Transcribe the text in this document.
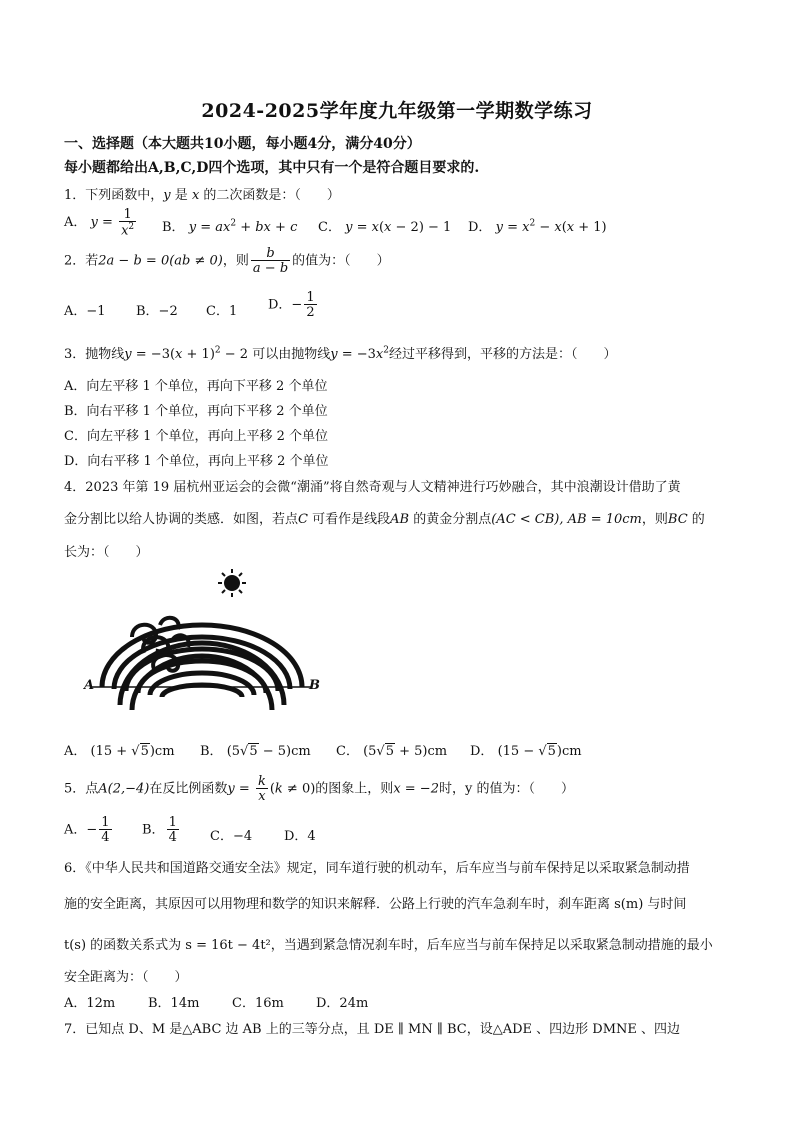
2024-2025学年度九年级第一学期数学练习
一、选择题（本大题共10小题，每小题4分，满分40分）
每小题都给出A,B,C,D四个选项，其中只有一个是符合题目要求的.
1．下列函数中，y 是 x 的二次函数是：（　　）
A． $y = \frac{1}{x^2}$ B． $y = ax^2$ + bx + c C． y = x(x − 2) − 1 D． $y = x^2 - x(x + 1)$
2．若2a − b = 0(ab ≠ 0)，则 $\frac{b}{a - b}$ 的值为：（　　）
A．−1 B．−2 C．1 D．− $\frac{1}{2}$
3．抛物线$y = -3(x + 1)^2 - 2$ 可以由抛物线$y = -3x^2$经过平移得到，平移的方法是：（　　）
A．向左平移 1 个单位，再向下平移 2 个单位
B．向右平移 1 个单位，再向下平移 2 个单位
C．向左平移 1 个单位，再向上平移 2 个单位
D．向右平移 1 个单位，再向上平移 2 个单位
4．2023 年第 19 届杭州亚运会的会微“潮涌”将自然奇观与人文精神进行巧妙融合，其中浪潮设计借助了黄
金分割比以给人协调的类感．如图，若点C 可看作是线段AB 的黄金分割点(AC < CB), AB = 10cm，则BC 的
长为：（　　）
A	B
A． (15 + √5)cm B． (5√5 − 5)cm C． (5√5 + 5)cm D． (15 − √5)cm
5．点A(2,−4)在反比例函数$y = \frac{k}{x} (k \ne 0)$的图象上，则x = −2时，y 的值为：（　　）
A．− $\frac{1}{4}$ B． $\frac{1}{4}$ C．−4 D．4
6．《中华人民共和国道路交通安全法》规定，同车道行驶的机动车，后车应当与前车保持足以采取紧急制动措
施的安全距离，其原因可以用物理和数学的知识来解释．公路上行驶的汽车急刹车时，刹车距离 s(m) 与时间
t(s) 的函数关系式为 s = 16t − 4t²，当遇到紧急情况刹车时，后车应当与前车保持足以采取紧急制动措施的最小
安全距离为：（　　）
A．12m	B．14m	C．16m D．24m
7．已知点 D、M 是△ABC 边 AB 上的三等分点，且 DE ∥ MN ∥ BC，设△ADE 、四边形 DMNE 、四边
